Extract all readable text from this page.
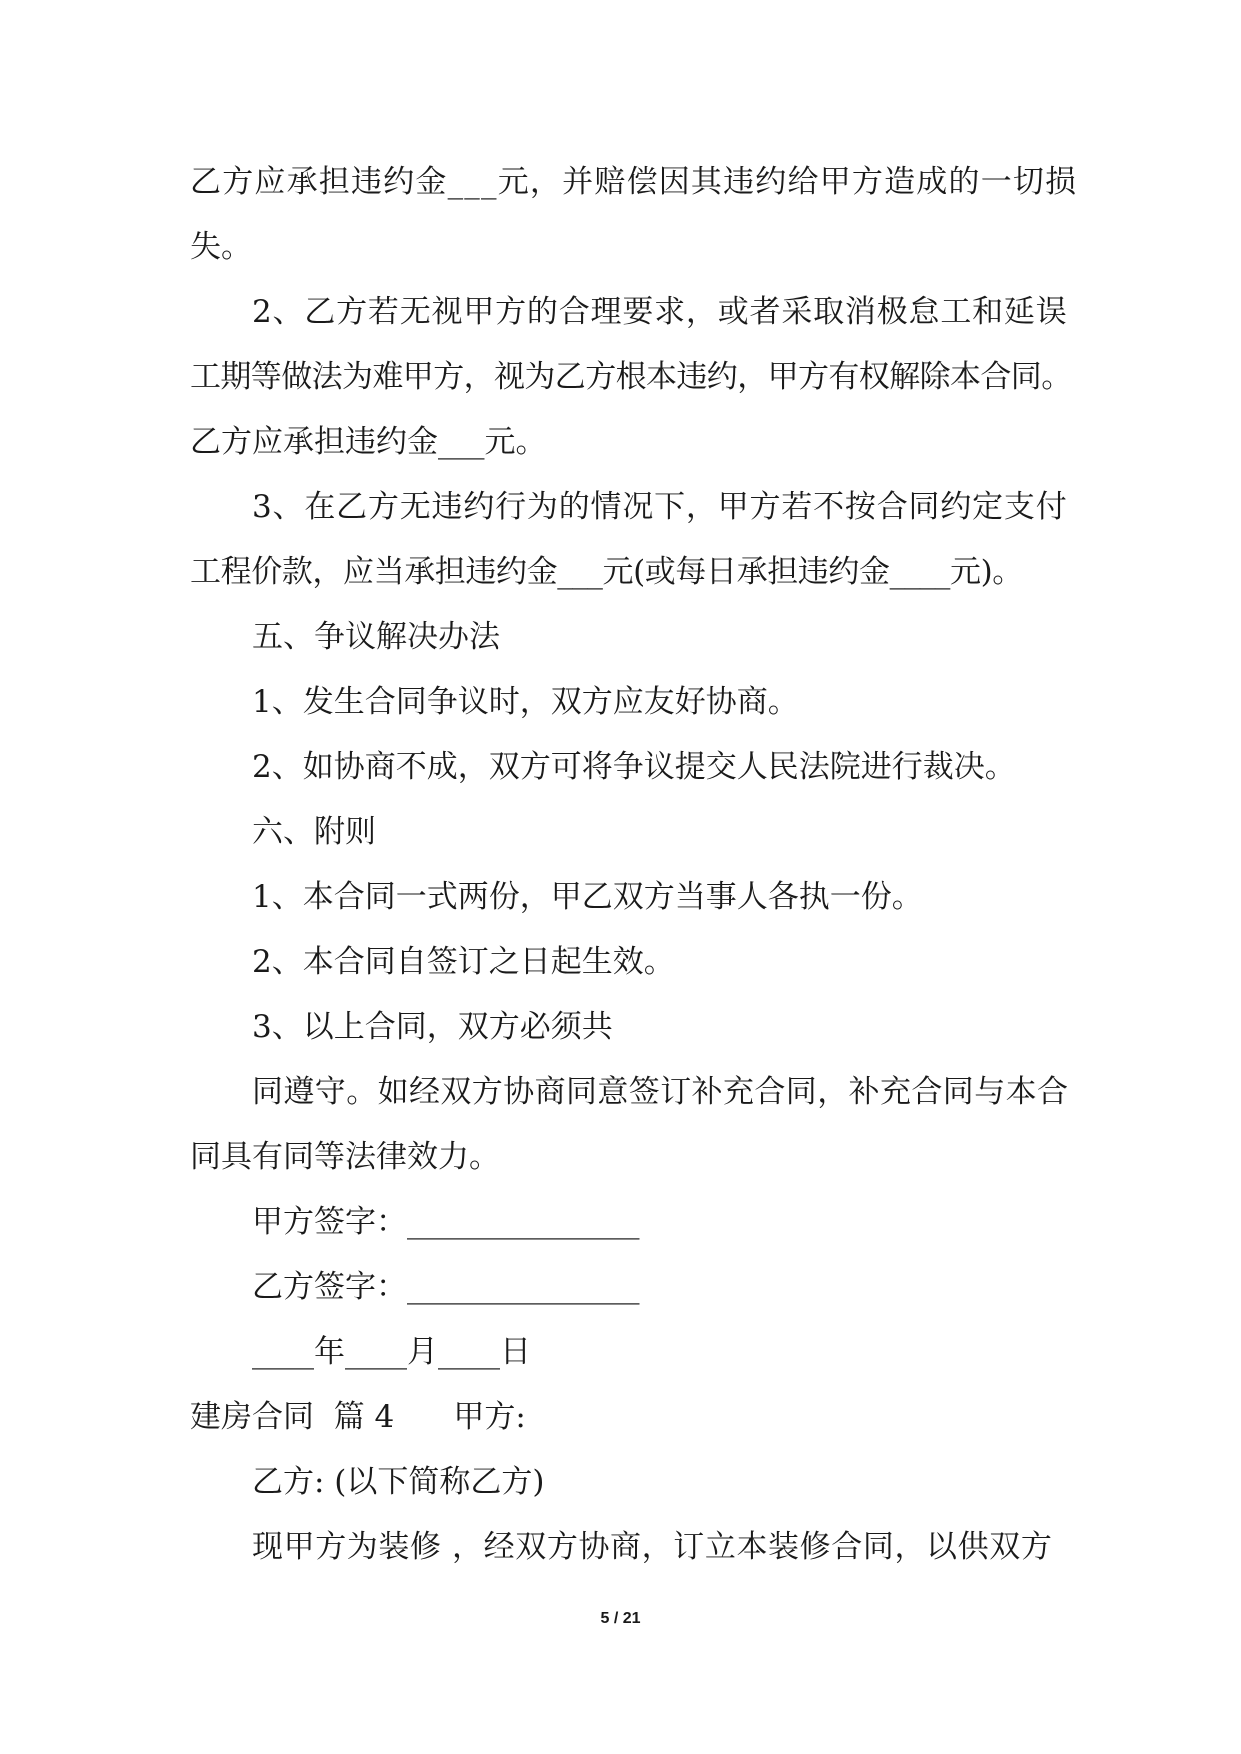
乙方应承担违约金___元，并赔偿因其违约给甲方造成的一切损
失。
2、乙方若无视甲方的合理要求，或者采取消极怠工和延误
工期等做法为难甲方，视为乙方根本违约，甲方有权解除本合同。
乙方应承担违约金___元。
3、在乙方无违约行为的情况下，甲方若不按合同约定支付
工程价款，应当承担违约金___元(或每日承担违约金____元)。
五、争议解决办法
1、发生合同争议时，双方应友好协商。
2、如协商不成，双方可将争议提交人民法院进行裁决。
六、附则
1、本合同一式两份，甲乙双方当事人各执一份。
2、本合同自签订之日起生效。
3、以上合同，双方必须共
同遵守。如经双方协商同意签订补充合同，补充合同与本合
同具有同等法律效力。
甲方签字：_______________
乙方签字：_______________
____年____月____日
建房合同  篇 4      甲方:
乙方: (以下简称乙方)
现甲方为装修 ，经双方协商，订立本装修合同，以供双方
5 / 21
